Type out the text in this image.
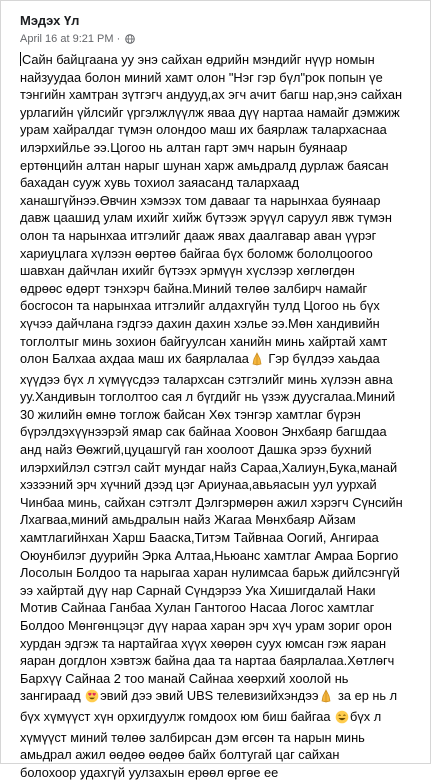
Мэдэх Үл
April 16 at 9:21 PM ·
Сайн байцгаана уу энэ сайхан өдрийн мэндийг нүүр номын
найзуудаа болон миний хамт олон "Нэг гэр бүл"рок попын үе
тэнгийн хамтран зүтгэгч андууд,ах эгч ачит багш нар,энэ сайхан
урлагийн үйлсийг үргэлжлүүлж яваа дүү нартаа намайг дэмжиж
урам хайралдаг түмэн олондоо маш их баярлаж талархаснаа
илэрхийлье ээ.Цогоо нь алтан гарт эмч нарын буянаар
ертөнцийн алтан нарыг шунан харж амьдралд дурлаж баясан
бахадан сууж хувь тохиол заяасанд талархаад
ханашгүйнээ.Өвчин хэмээх том давааг та нарынхаа буянаар
давж цаашид улам ихийг хийж бүтээж эрүүл саруул явж түмэн
олон та нарынхаа итгэлийг дааж явах даалгавар аван үүрэг
хариуцлага хүлээн өөртөө байгаа бүх боломж бололцоогоо
шавхан дайчлан ихийг бүтээх эрмүүн хүслээр хөглөгдөн
өдрөөс өдөрт тэнхэрч байна.Миний төлөө залбирч намайг
босгосон та нарынхаа итгэлийг алдахгүйн тулд Цогоо нь бүх
хүчээ дайчлана гэдгээ дахин дахин хэлье ээ.Мөн хандивийн
тоглолтыг минь зохион байгуулсан ханийн минь хайртай хамт
олон Балхаа ахдаа маш их баярлалаа Гэр бүлдээ хаьдаа
хүүдээ бүх л хүмүүсдээ талархсан сэтгэлийг минь хүлээн авна
уу.Хандивын тоглолтоо сая л бүгдийг нь үзэж дуусгалаа.Миний
30 жилийн өмнө тоглож байсан Хөх тэнгэр хамтлаг бүрэн
бүрэлдэхүүнээрэй ямар сак байнаа Хоовон Энхбаяр багшдаа
анд найз Өөжгий,цуцашгүй ган хоолоот Дашка эрээ бухний
илэрхийлэл сэтгэл сайт мундаг найз Сараа,Халиун,Бука,манай
хэзээний эрч хүчний дээд цэг Ариунаа,авьяасын уул уурхай
Чинбаа минь, сайхан сэтгэлт Дэлгэрмөрөн ажил хэрэгч Сүнсийн
Лхагваа,миний амьдралын найз Жагаа Мөнхбаяр Айзам
хамтлагийнхан Харш Бааска,Титэм Тайвнаа Оогий, Ангираа
Оюунбилэг дуурийн Эрка Алтаа,Ньюанс хамтлаг Амраа Боргио
Лосолын Болдоо та нарыгаа харан нулимсаа барьж дийлсэнгүй
ээ хайртай дүү нар Сарнай Сүндэрээ Ука Хишигдалай Наки
Мотив Сайнаа Ганбаа Хулан Гантогоо Насаа Логос хамтлаг
Болдоо Мөнгөнцэцэг дүү нараа харан эрч хүч урам зориг орон
хурдан эдгэж та нартайгаа хүүх хөөрөн суух юмсан гэж яаран
яаран догдлон хэвтэж байна даа та нартаа баярлалаа.Хөтлөгч
Бархүү Сайнаа 2 тоо манай Сайнаа хөөрхий хоолой нь
зангираад эвий дээ эвий UBS телевизийхэндээ за ер нь л
бүх хүмүүст хүн орхигдуулж гомдоох юм биш байгаа бүх л
хүмүүст миний төлөө залбирсан дэм өгсөн та нарын минь
амьдрал ажил өөдөө өөдөө байх болтугай цаг сайхан
болохоор удахгүй уулзахын ерөөл өргөе ее
